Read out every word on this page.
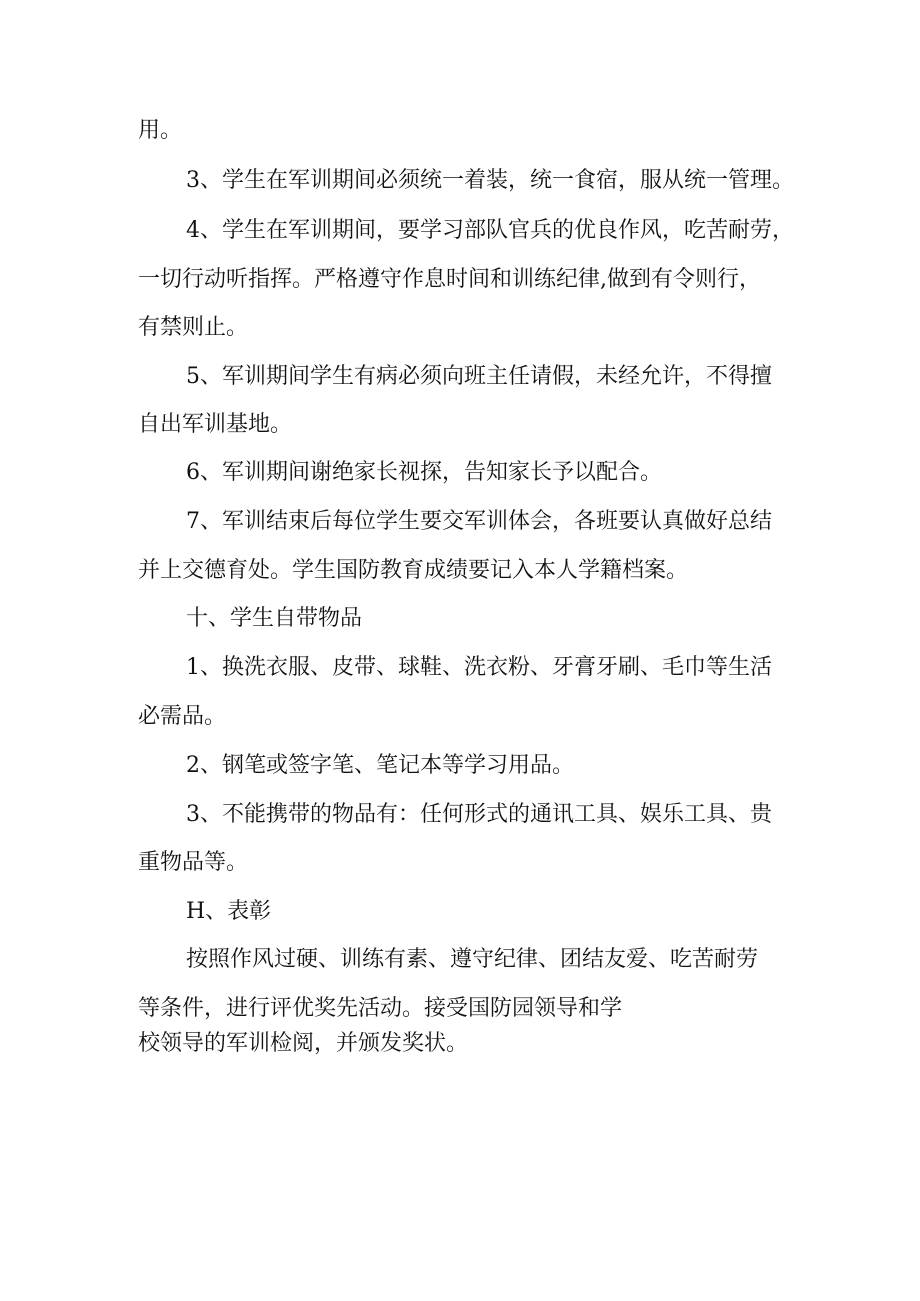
用。

3、学生在军训期间必须统一着装，统一食宿，服从统一管理。

4、学生在军训期间，要学习部队官兵的优良作风，吃苦耐劳，

一切行动听指挥。严格遵守作息时间和训练纪律,做到有令则行，

有禁则止。

5、军训期间学生有病必须向班主任请假，未经允许，不得擅

自出军训基地。

6、军训期间谢绝家长视探，告知家长予以配合。

7、军训结束后每位学生要交军训体会，各班要认真做好总结

并上交德育处。学生国防教育成绩要记入本人学籍档案。

十、学生自带物品

1、换洗衣服、皮带、球鞋、洗衣粉、牙膏牙刷、毛巾等生活

必需品。

2、钢笔或签字笔、笔记本等学习用品。

3、不能携带的物品有：任何形式的通讯工具、娱乐工具、贵

重物品等。

H、表彰

按照作风过硬、训练有素、遵守纪律、团结友爱、吃苦耐劳

等条件，进行评优奖先活动。接受国防园领导和学

校领导的军训检阅，并颁发奖状。
